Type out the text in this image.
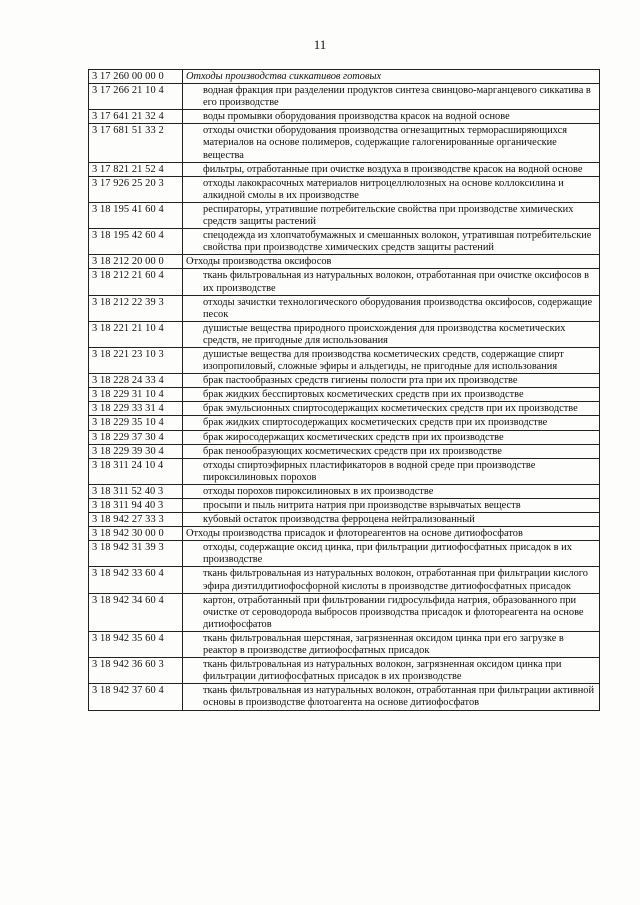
11
3 17 260 00 00 0	Отходы производства сиккативов готовых
3 17 266 21 10 4	водная фракция при разделении продуктов синтеза свинцово-марганцевого сиккатива в его производстве
3 17 641 21 32 4	воды промывки оборудования производства красок на водной основе
3 17 681 51 33 2	отходы очистки оборудования производства огнезащитных терморасширяющихся материалов на основе полимеров, содержащие галогенированные органические вещества
3 17 821 21 52 4	фильтры, отработанные при очистке воздуха в производстве красок на водной основе
3 17 926 25 20 3	отходы лакокрасочных материалов нитроцеллюлозных на основе коллоксилина и алкидной смолы в их производстве
3 18 195 41 60 4	респираторы, утратившие потребительские свойства при производстве химических средств защиты растений
3 18 195 42 60 4	спецодежда из хлопчатобумажных и смешанных волокон, утратившая потребительские свойства при производстве химических средств защиты растений
3 18 212 20 00 0	Отходы производства оксифосов
3 18 212 21 60 4	ткань фильтровальная из натуральных волокон, отработанная при очистке оксифосов в их производстве
3 18 212 22 39 3	отходы зачистки технологического оборудования производства оксифосов, содержащие песок
3 18 221 21 10 4	душистые вещества природного происхождения для производства косметических средств, не пригодные для использования
3 18 221 23 10 3	душистые вещества для производства косметических средств, содержащие спирт изопропиловый, сложные эфиры и альдегиды, не пригодные для использования
3 18 228 24 33 4	брак пастообразных средств гигиены полости рта при их производстве
3 18 229 31 10 4	брак жидких бесспиртовых косметических средств при их производстве
3 18 229 33 31 4	брак эмульсионных спиртосодержащих косметических средств при их производстве
3 18 229 35 10 4	брак жидких спиртосодержащих косметических средств при их производстве
3 18 229 37 30 4	брак жиросодержащих косметических средств при их производстве
3 18 229 39 30 4	брак пенообразующих косметических средств при их производстве
3 18 311 24 10 4	отходы спиртоэфирных пластификаторов в водной среде при производстве пироксилиновых порохов
3 18 311 52 40 3	отходы порохов пироксилиновых в их производстве
3 18 311 94 40 3	просыпи и пыль нитрита натрия при производстве взрывчатых веществ
3 18 942 27 33 3	кубовый остаток производства ферроцена нейтрализованный
3 18 942 30 00 0	Отходы производства присадок и флотореагентов на основе дитиофосфатов
3 18 942 31 39 3	отходы, содержащие оксид цинка, при фильтрации дитиофосфатных присадок в их производстве
3 18 942 33 60 4	ткань фильтровальная из натуральных волокон, отработанная при фильтрации кислого эфира диэтилдитиофосфорной кислоты в производстве дитиофосфатных присадок
3 18 942 34 60 4	картон, отработанный при фильтровании гидросульфида натрия, образованного при очистке от сероводорода выбросов производства присадок и флотореагента на основе дитиофосфатов
3 18 942 35 60 4	ткань фильтровальная шерстяная, загрязненная оксидом цинка при его загрузке в реактор в производстве дитиофосфатных присадок
3 18 942 36 60 3	ткань фильтровальная из натуральных волокон, загрязненная оксидом цинка при фильтрации дитиофосфатных присадок в их производстве
3 18 942 37 60 4	ткань фильтровальная из натуральных волокон, отработанная при фильтрации активной основы в производстве флотоагента на основе дитиофосфатов
